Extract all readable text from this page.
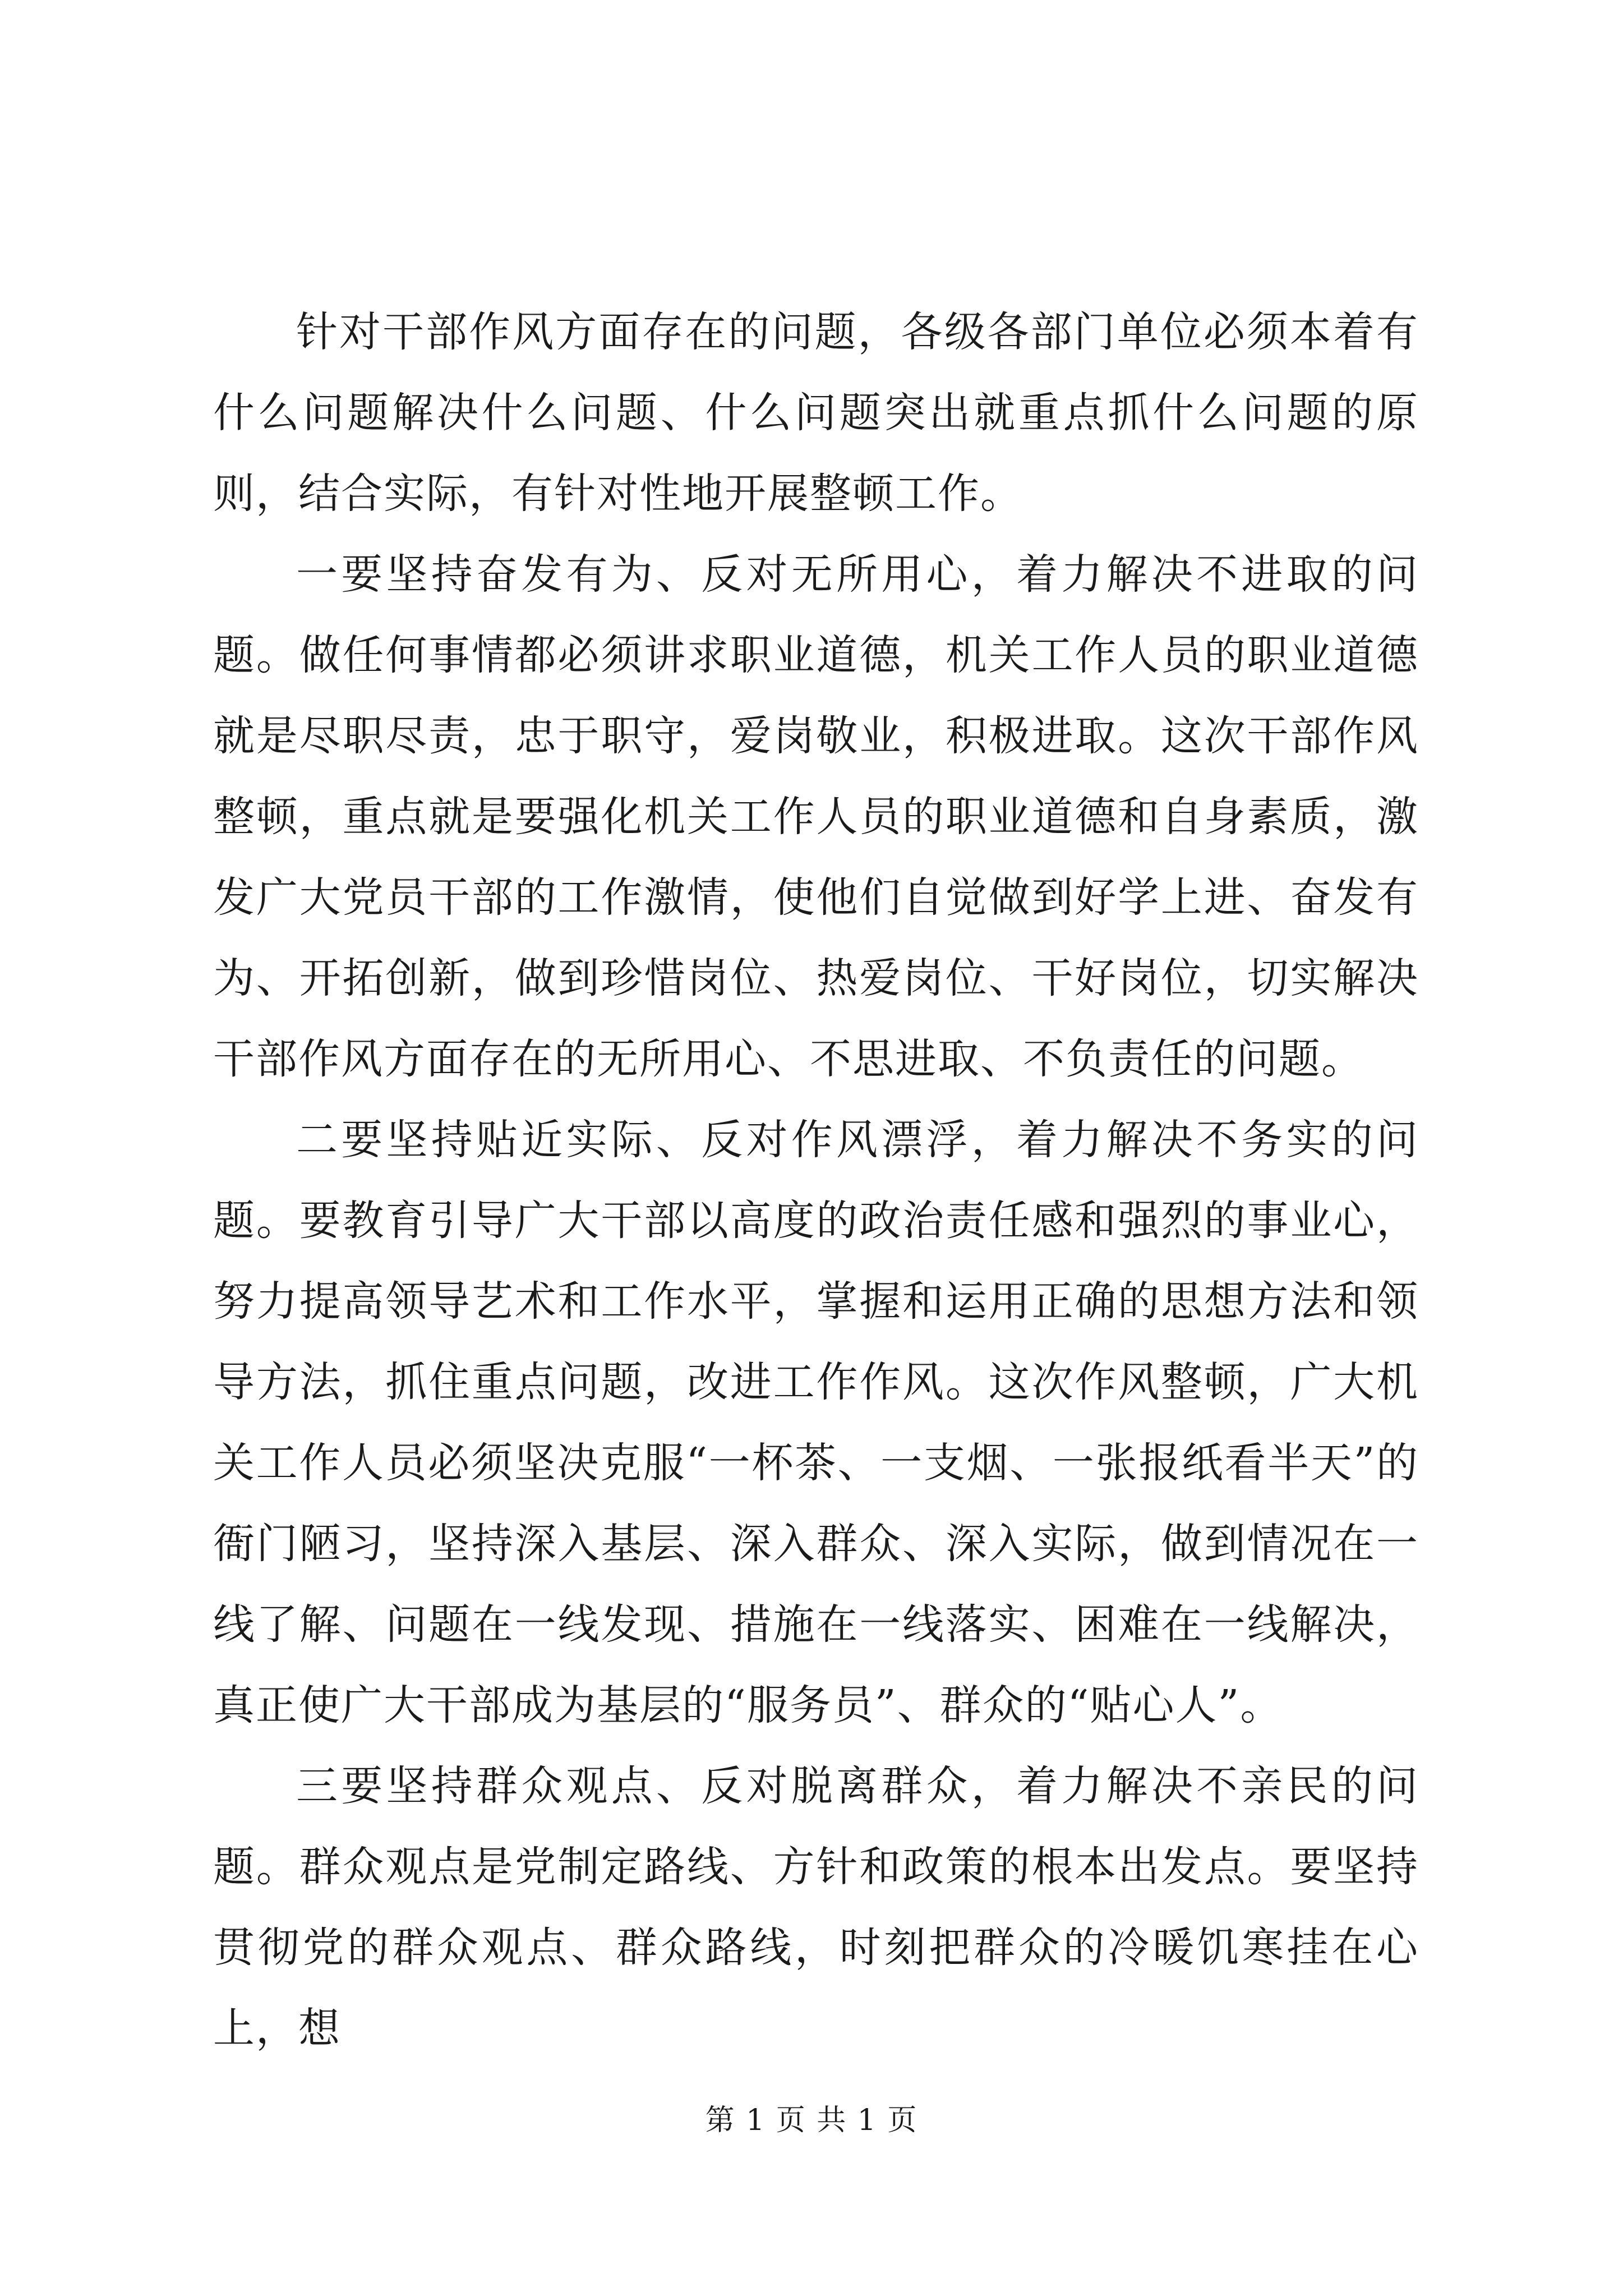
针对干部作风方面存在的问题，各级各部门单位必须本着有什么问题解决什么问题、什么问题突出就重点抓什么问题的原则，结合实际，有针对性地开展整顿工作。

一要坚持奋发有为、反对无所用心，着力解决不进取的问题。做任何事情都必须讲求职业道德，机关工作人员的职业道德就是尽职尽责，忠于职守，爱岗敬业，积极进取。这次干部作风整顿，重点就是要强化机关工作人员的职业道德和自身素质，激发广大党员干部的工作激情，使他们自觉做到好学上进、奋发有为、开拓创新，做到珍惜岗位、热爱岗位、干好岗位，切实解决干部作风方面存在的无所用心、不思进取、不负责任的问题。

二要坚持贴近实际、反对作风漂浮，着力解决不务实的问题。要教育引导广大干部以高度的政治责任感和强烈的事业心，努力提高领导艺术和工作水平，掌握和运用正确的思想方法和领导方法，抓住重点问题，改进工作作风。这次作风整顿，广大机关工作人员必须坚决克服“一杯茶、一支烟、一张报纸看半天”的衙门陋习，坚持深入基层、深入群众、深入实际，做到情况在一线了解、问题在一线发现、措施在一线落实、困难在一线解决，真正使广大干部成为基层的“服务员”、群众的“贴心人”。

三要坚持群众观点、反对脱离群众，着力解决不亲民的问题。群众观点是党制定路线、方针和政策的根本出发点。要坚持贯彻党的群众观点、群众路线，时刻把群众的冷暖饥寒挂在心上，想

第 1 页 共 1 页
